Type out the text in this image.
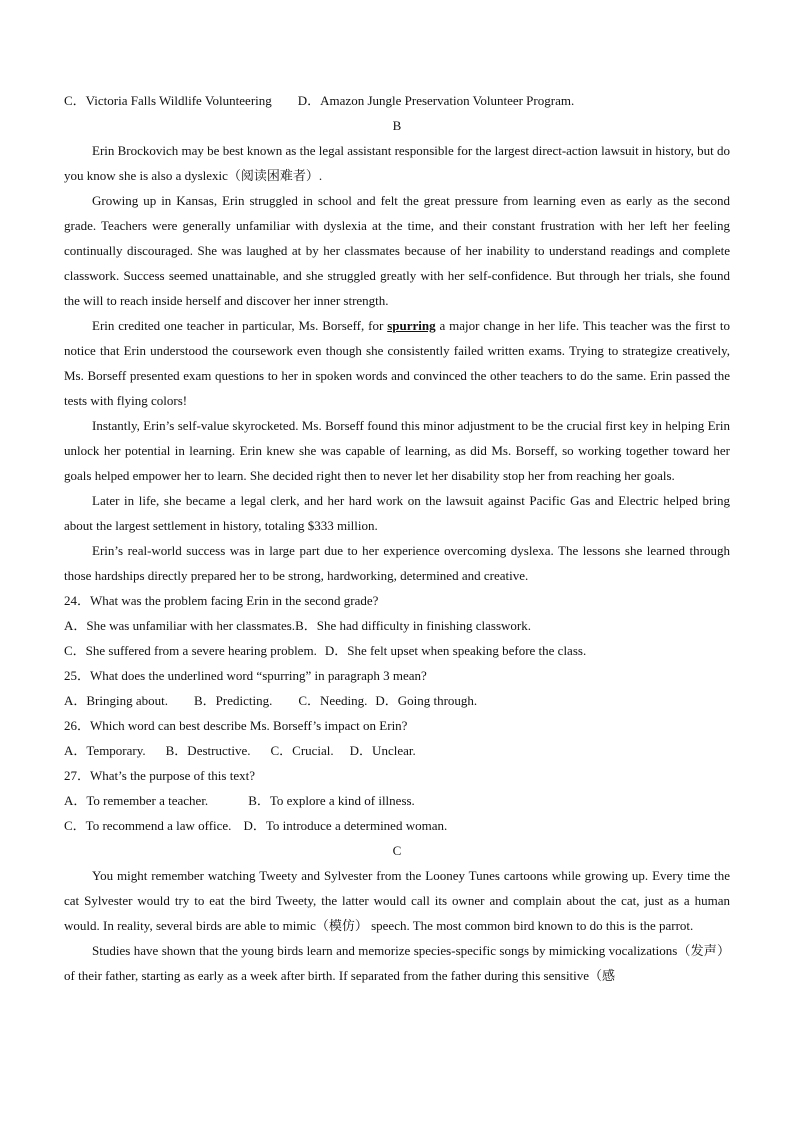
C．Victoria Falls Wildlife Volunteering D．Amazon Jungle Preservation Volunteer Program.
B

Erin Brockovich may be best known as the legal assistant responsible for the largest direct-action lawsuit in history, but do you know she is also a dyslexic（阅读困难者）.

Growing up in Kansas, Erin struggled in school and felt the great pressure from learning even as early as the second grade. Teachers were generally unfamiliar with dyslexia at the time, and their constant frustration with her left her feeling continually discouraged. She was laughed at by her classmates because of her inability to understand readings and complete classwork. Success seemed unattainable, and she struggled greatly with her self-confidence. But through her trials, she found the will to reach inside herself and discover her inner strength.

Erin credited one teacher in particular, Ms. Borseff, for spurring a major change in her life. This teacher was the first to notice that Erin understood the coursework even though she consistently failed written exams. Trying to strategize creatively, Ms. Borseff presented exam questions to her in spoken words and convinced the other teachers to do the same. Erin passed the tests with flying colors!

Instantly, Erin’s self-value skyrocketed. Ms. Borseff found this minor adjustment to be the crucial first key in helping Erin unlock her potential in learning. Erin knew she was capable of learning, as did Ms. Borseff, so working together toward her goals helped empower her to learn. She decided right then to never let her disability stop her from reaching her goals.

Later in life, she became a legal clerk, and her hard work on the lawsuit against Pacific Gas and Electric helped bring about the largest settlement in history, totaling $333 million.

Erin’s real-world success was in large part due to her experience overcoming dyslexa. The lessons she learned through those hardships directly prepared her to be strong, hardworking, determined and creative.

24．What was the problem facing Erin in the second grade?
A．She was unfamiliar with her classmates.B．She had difficulty in finishing classwork.
C．She suffered from a severe hearing problem. D．She felt upset when speaking before the class.
25．What does the underlined word “spurring” in paragraph 3 mean?
A．Bringing about. B．Predicting. C．Needing. D．Going through.
26．Which word can best describe Ms. Borseff’s impact on Erin?
A．Temporary. B．Destructive. C．Crucial. D．Unclear.
27．What’s the purpose of this text?
A．To remember a teacher.	B．To explore a kind of illness.
C．To recommend a law office. D．To introduce a determined woman.
C

You might remember watching Tweety and Sylvester from the Looney Tunes cartoons while growing up. Every time the cat Sylvester would try to eat the bird Tweety, the latter would call its owner and complain about the cat, just as a human would. In reality, several birds are able to mimic（模仿） speech. The most common bird known to do this is the parrot.

Studies have shown that the young birds learn and memorize species-specific songs by mimicking vocalizations（发声） of their father, starting as early as a week after birth. If separated from the father during this sensitive（感
